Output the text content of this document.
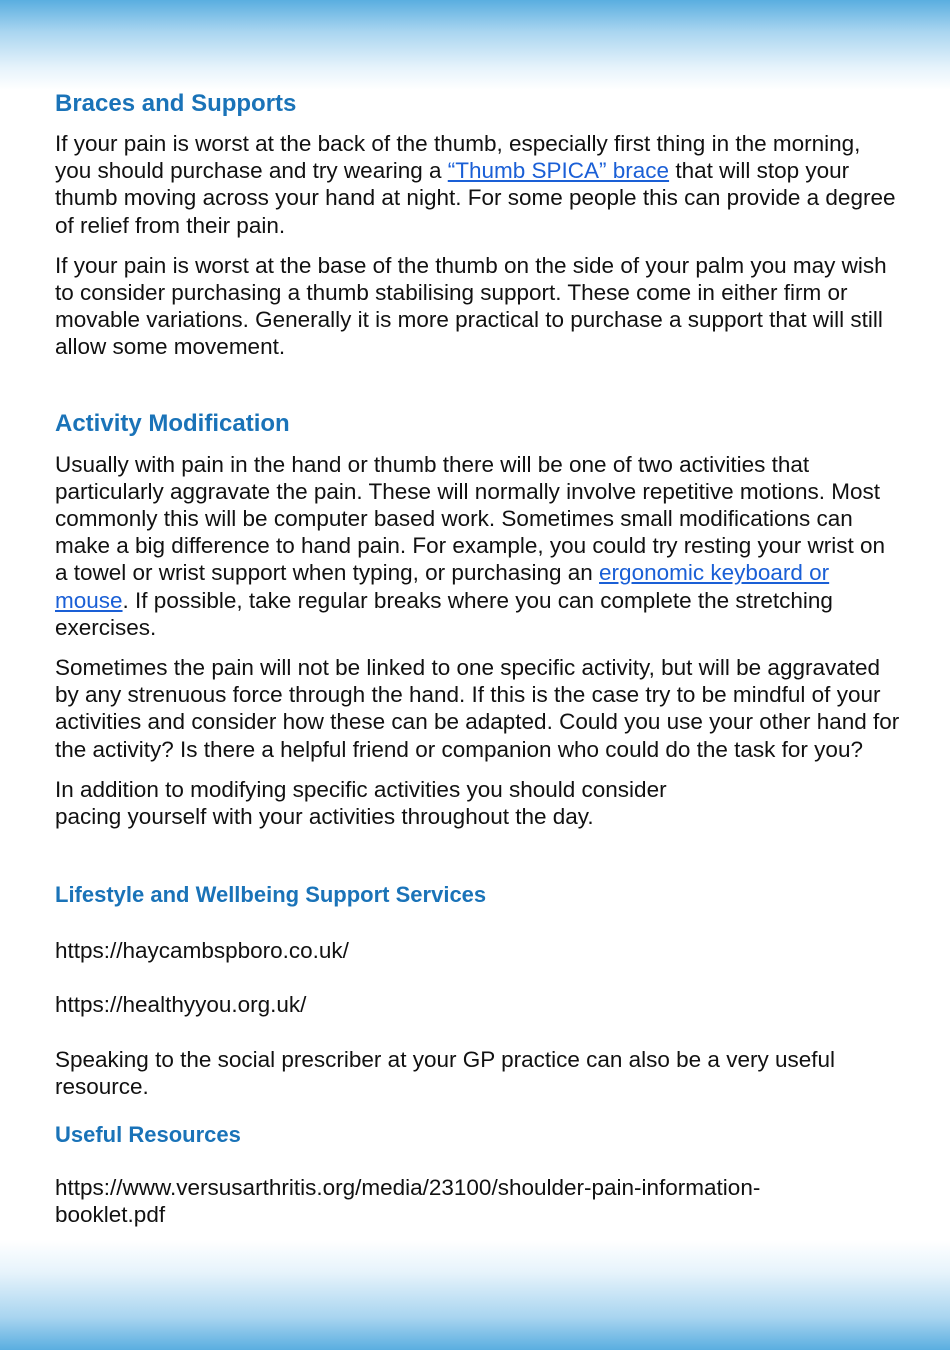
Braces and Supports

If your pain is worst at the back of the thumb, especially first thing in the morning, you should purchase and try wearing a “Thumb SPICA” brace that will stop your thumb moving across your hand at night. For some people this can provide a degree of relief from their pain.

If your pain is worst at the base of the thumb on the side of your palm you may wish to consider purchasing a thumb stabilising support. These come in either firm or movable variations. Generally it is more practical to purchase a support that will still allow some movement.

Activity Modification

Usually with pain in the hand or thumb there will be one of two activities that particularly aggravate the pain. These will normally involve repetitive motions. Most commonly this will be computer based work. Sometimes small modifications can make a big difference to hand pain. For example, you could try resting your wrist on a towel or wrist support when typing, or purchasing an ergonomic keyboard or mouse. If possible, take regular breaks where you can complete the stretching exercises.

Sometimes the pain will not be linked to one specific activity, but will be aggravated by any strenuous force through the hand. If this is the case try to be mindful of your activities and consider how these can be adapted. Could you use your other hand for the activity? Is there a helpful friend or companion who could do the task for you?

In addition to modifying specific activities you should consider
pacing yourself with your activities throughout the day.

Lifestyle and Wellbeing Support Services

https://haycambspboro.co.uk/

https://healthyyou.org.uk/

Speaking to the social prescriber at your GP practice can also be a very useful resource.

Useful Resources

https://www.versusarthritis.org/media/23100/shoulder-pain-information-
booklet.pdf
